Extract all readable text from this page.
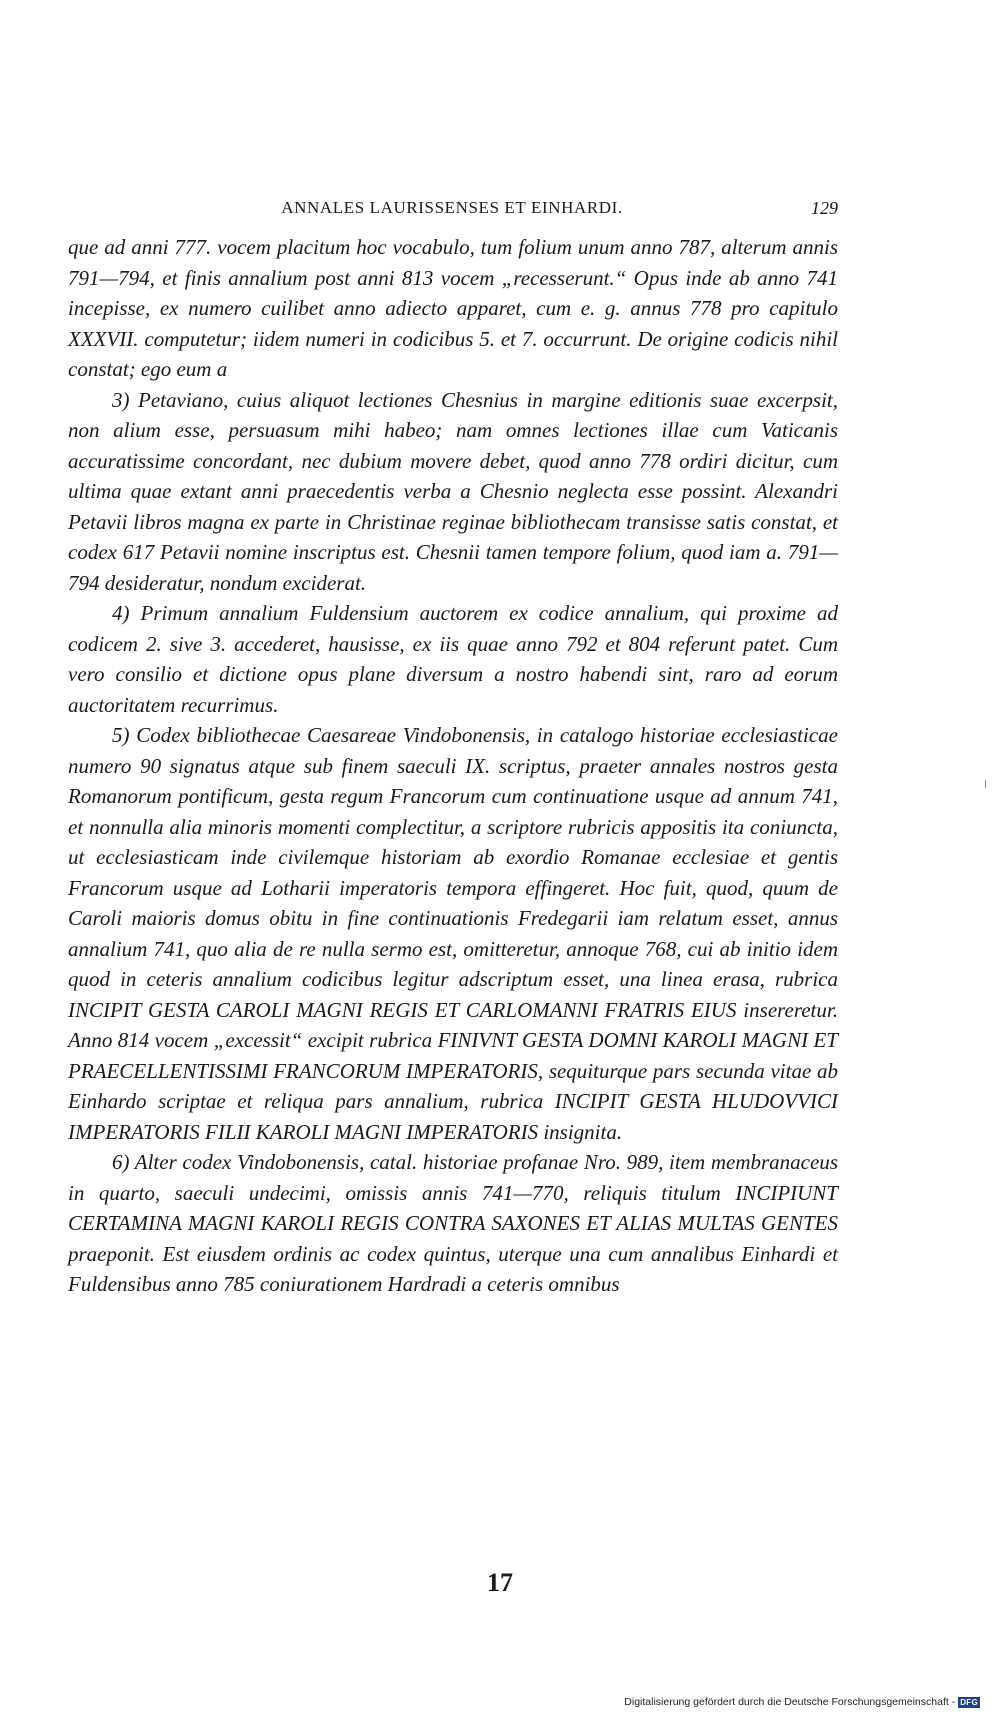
ANNALES LAURISSENSES ET EINHARDI.	129

que ad anni 777. vocem placitum hoc vocabulo, tum folium unum anno 787, alterum annis 791—794, et finis annalium post anni 813 vocem „recesserunt.“ Opus inde ab anno 741 incepisse, ex numero cuilibet anno adiecto apparet, cum e. g. annus 778 pro capitulo XXXVII. computetur; iidem numeri in codicibus 5. et 7. occurrunt. De origine codicis nihil constat; ego eum a

3) Petaviano, cuius aliquot lectiones Chesnius in margine editionis suae excerpsit, non alium esse, persuasum mihi habeo; nam omnes lectiones illae cum Vaticanis accuratissime concordant, nec dubium movere debet, quod anno 778 ordiri dicitur, cum ultima quae extant anni praecedentis verba a Chesnio neglecta esse possint. Alexandri Petavii libros magna ex parte in Christinae reginae bibliothecam transisse satis constat, et codex 617 Petavii nomine inscriptus est. Chesnii tamen tempore folium, quod iam a. 791—794 desideratur, nondum exciderat.

4) Primum annalium Fuldensium auctorem ex codice annalium, qui proxime ad codicem 2. sive 3. accederet, hausisse, ex iis quae anno 792 et 804 referunt patet. Cum vero consilio et dictione opus plane diversum a nostro habendi sint, raro ad eorum auctoritatem recurrimus.

5) Codex bibliothecae Caesareae Vindobonensis, in catalogo historiae ecclesiasticae numero 90 signatus atque sub finem saeculi IX. scriptus, praeter annales nostros gesta Romanorum pontificum, gesta regum Francorum cum continuatione usque ad annum 741, et nonnulla alia minoris momenti complectitur, a scriptore rubricis appositis ita coniuncta, ut ecclesiasticam inde civilemque historiam ab exordio Romanae ecclesiae et gentis Francorum usque ad Lotharii imperatoris tempora effingeret. Hoc fuit, quod, quum de Caroli maioris domus obitu in fine continuationis Fredegarii iam relatum esset, annus annalium 741, quo alia de re nulla sermo est, omitteretur, annoque 768, cui ab initio idem quod in ceteris annalium codicibus legitur adscriptum esset, una linea erasa, rubrica INCIPIT GESTA CAROLI MAGNI REGIS ET CARLOMANNI FRATRIS EIUS insereretur. Anno 814 vocem „excessit“ excipit rubrica FINIVNT GESTA DOMNI KAROLI MAGNI ET PRAECELLENTISSIMI FRANCORUM IMPERATORIS, sequiturque pars secunda vitae ab Einhardo scriptae et reliqua pars annalium, rubrica INCIPIT GESTA HLUDOVVICI IMPERATORIS FILII KAROLI MAGNI IMPERATORIS insignita.

6) Alter codex Vindobonensis, catal. historiae profanae Nro. 989, item membranaceus in quarto, saeculi undecimi, omissis annis 741—770, reliquis titulum INCIPIUNT CERTAMINA MAGNI KAROLI REGIS CONTRA SAXONES ET ALIAS MULTAS GENTES praeponit. Est eiusdem ordinis ac codex quintus, uterque una cum annalibus Einhardi et Fuldensibus anno 785 coniurationem Hardradi a ceteris omnibus

17
Digitalisierung gefördert durch die Deutsche Forschungsgemeinschaft - DFG
